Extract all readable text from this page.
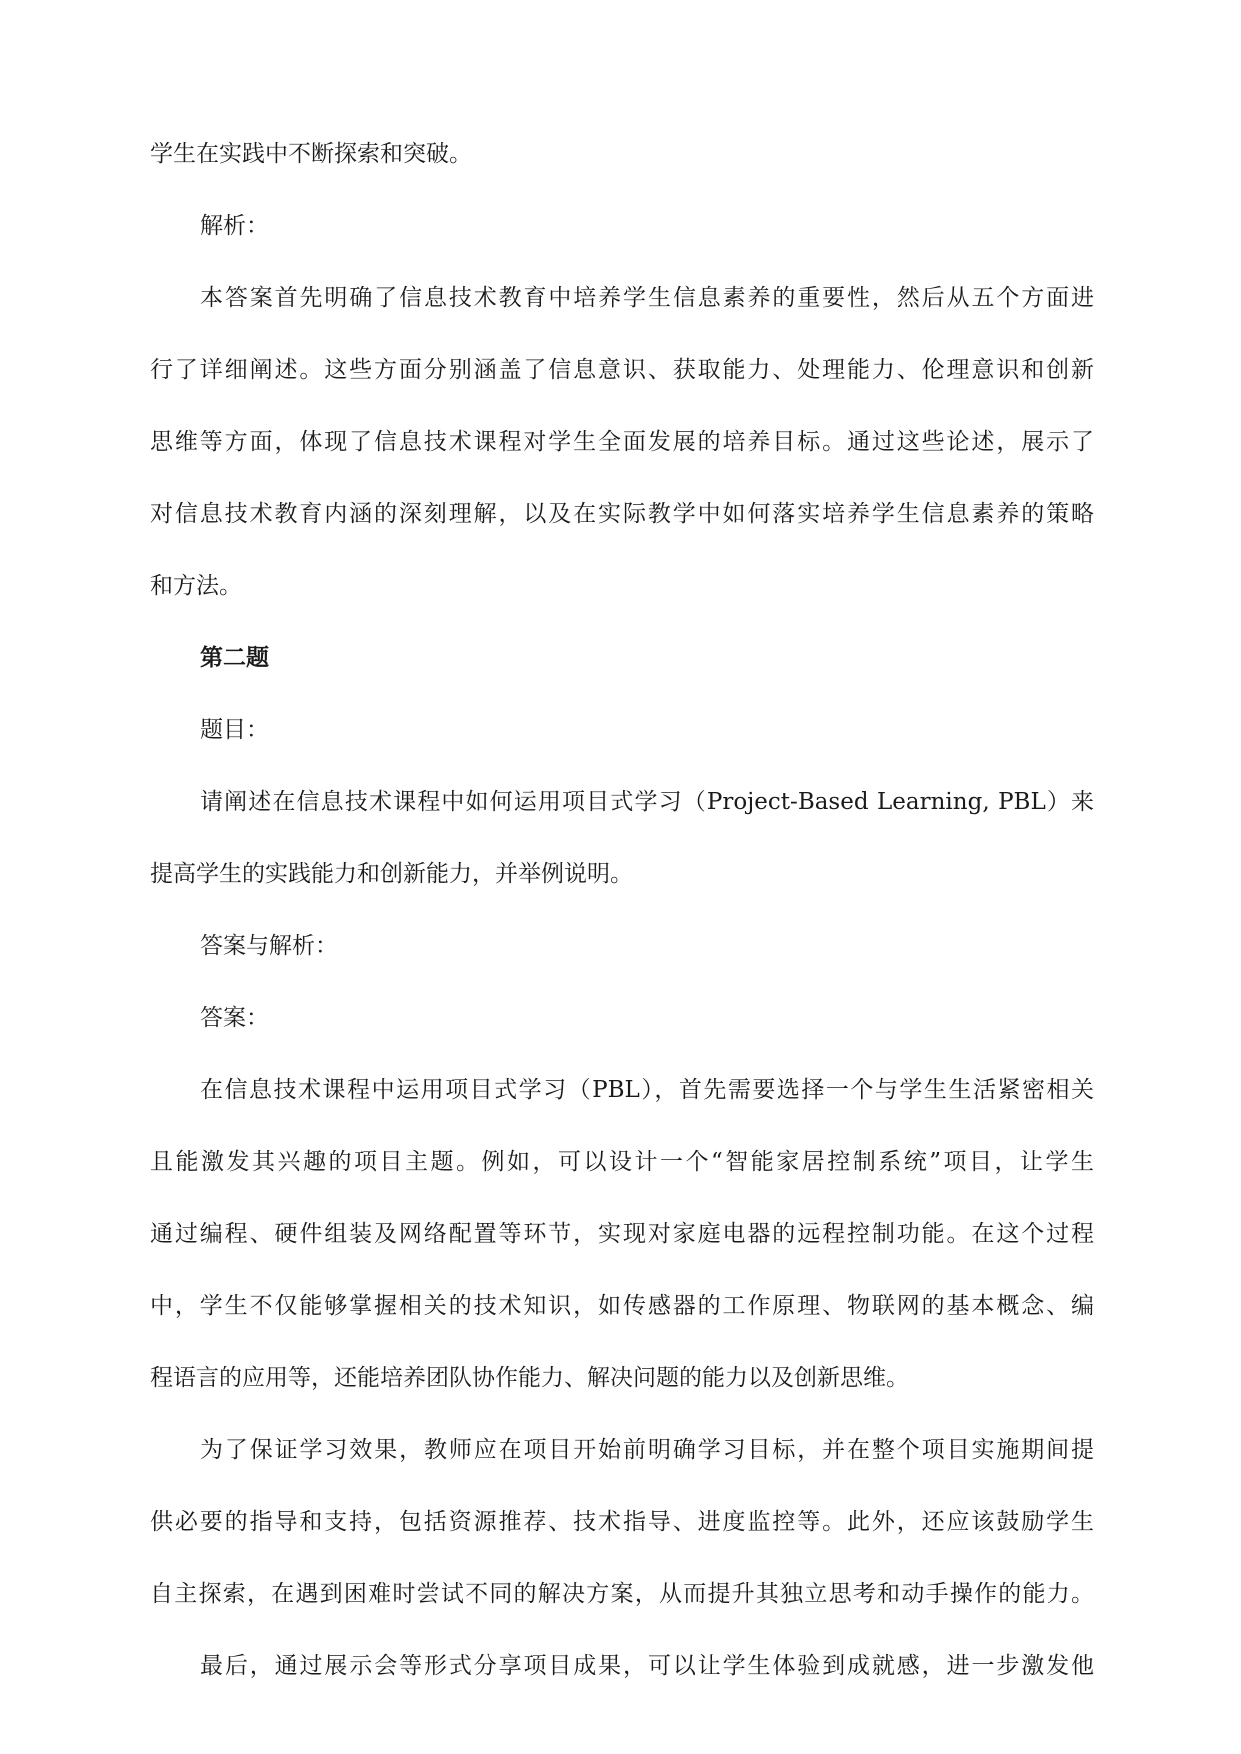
学生在实践中不断探索和突破。

解析：

本答案首先明确了信息技术教育中培养学生信息素养的重要性，然后从五个方面进

行了详细阐述。这些方面分别涵盖了信息意识、获取能力、处理能力、伦理意识和创新

思维等方面，体现了信息技术课程对学生全面发展的培养目标。通过这些论述，展示了

对信息技术教育内涵的深刻理解，以及在实际教学中如何落实培养学生信息素养的策略

和方法。

第二题

题目：

请阐述在信息技术课程中如何运用项目式学习（Project-Based Learning, PBL）来

提高学生的实践能力和创新能力，并举例说明。

答案与解析：

答案：

在信息技术课程中运用项目式学习（PBL），首先需要选择一个与学生生活紧密相关

且能激发其兴趣的项目主题。例如，可以设计一个“智能家居控制系统”项目，让学生

通过编程、硬件组装及网络配置等环节，实现对家庭电器的远程控制功能。在这个过程

中，学生不仅能够掌握相关的技术知识，如传感器的工作原理、物联网的基本概念、编

程语言的应用等，还能培养团队协作能力、解决问题的能力以及创新思维。

为了保证学习效果，教师应在项目开始前明确学习目标，并在整个项目实施期间提

供必要的指导和支持，包括资源推荐、技术指导、进度监控等。此外，还应该鼓励学生

自主探索，在遇到困难时尝试不同的解决方案，从而提升其独立思考和动手操作的能力。

最后，通过展示会等形式分享项目成果，可以让学生体验到成就感，进一步激发他
